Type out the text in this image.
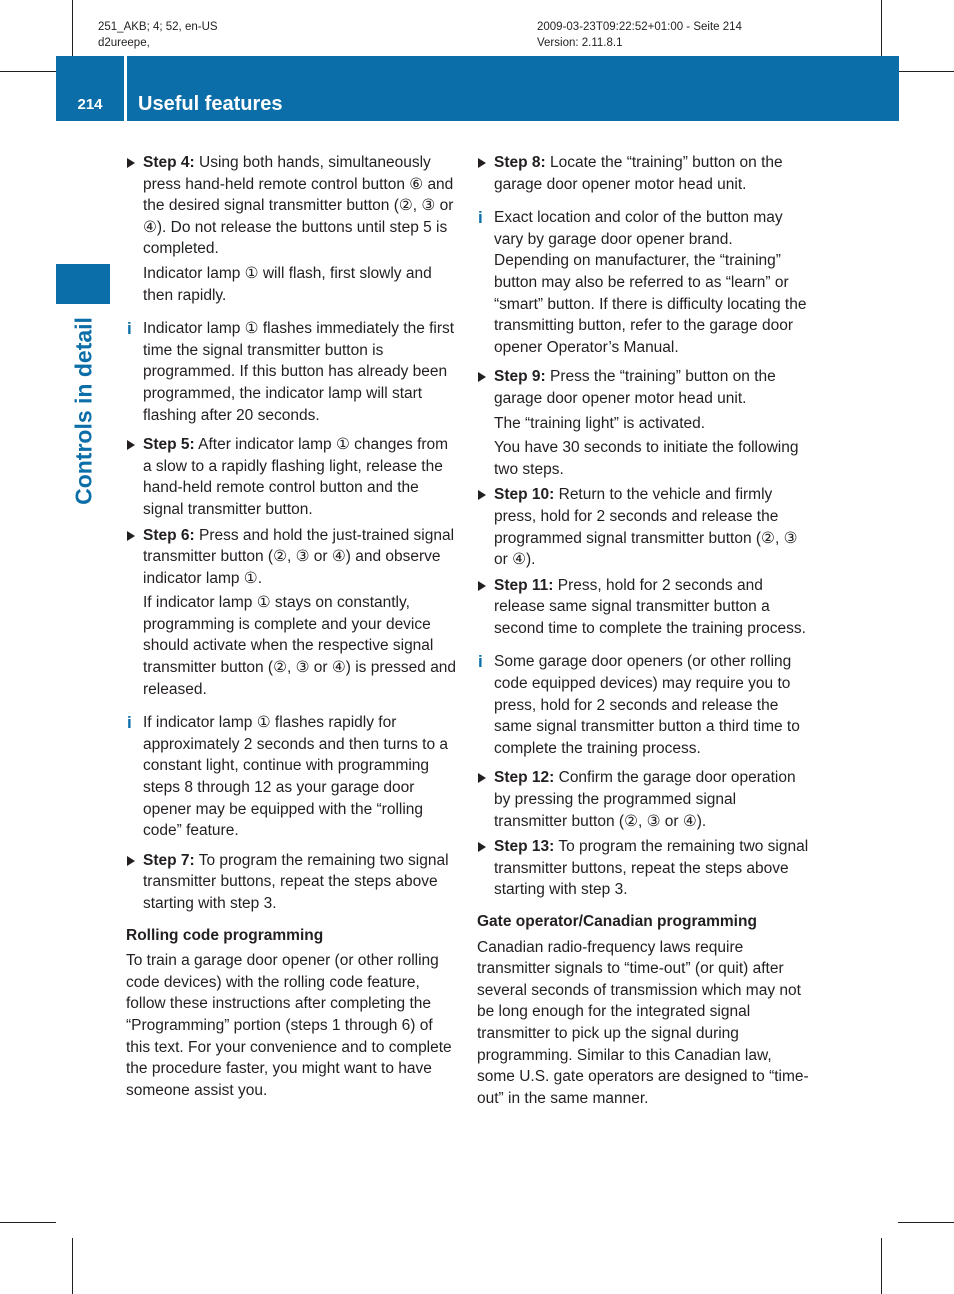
251_AKB; 4; 52, en-US
d2ureepe,
2009-03-23T09:22:52+01:00 - Seite 214
Version: 2.11.8.1
214	Useful features
Controls in detail

Step 4: Using both hands, simultaneously press hand-held remote control button ⑥ and the desired signal transmitter button (②, ③ or ④). Do not release the buttons until step 5 is completed.

Indicator lamp ① will flash, first slowly and then rapidly.

i Indicator lamp ① flashes immediately the first time the signal transmitter button is programmed. If this button has already been programmed, the indicator lamp will start flashing after 20 seconds.

Step 5: After indicator lamp ① changes from a slow to a rapidly flashing light, release the hand-held remote control button and the signal transmitter button.

Step 6: Press and hold the just-trained signal transmitter button (②, ③ or ④) and observe indicator lamp ①.

If indicator lamp ① stays on constantly, programming is complete and your device should activate when the respective signal transmitter button (②, ③ or ④) is pressed and released.

i If indicator lamp ① flashes rapidly for approximately 2 seconds and then turns to a constant light, continue with programming steps 8 through 12 as your garage door opener may be equipped with the “rolling code” feature.

Step 7: To program the remaining two signal transmitter buttons, repeat the steps above starting with step 3.

Rolling code programming

To train a garage door opener (or other rolling code devices) with the rolling code feature, follow these instructions after completing the “Programming” portion (steps 1 through 6) of this text. For your convenience and to complete the procedure faster, you might want to have someone assist you.

Step 8: Locate the “training” button on the garage door opener motor head unit.

i Exact location and color of the button may vary by garage door opener brand. Depending on manufacturer, the “training” button may also be referred to as “learn” or “smart” button. If there is difficulty locating the transmitting button, refer to the garage door opener Operator’s Manual.

Step 9: Press the “training” button on the garage door opener motor head unit.

The “training light” is activated.

You have 30 seconds to initiate the following two steps.

Step 10: Return to the vehicle and firmly press, hold for 2 seconds and release the programmed signal transmitter button (②, ③ or ④).

Step 11: Press, hold for 2 seconds and release same signal transmitter button a second time to complete the training process.

i Some garage door openers (or other rolling code equipped devices) may require you to press, hold for 2 seconds and release the same signal transmitter button a third time to complete the training process.

Step 12: Confirm the garage door operation by pressing the programmed signal transmitter button (②, ③ or ④).

Step 13: To program the remaining two signal transmitter buttons, repeat the steps above starting with step 3.

Gate operator/Canadian programming

Canadian radio-frequency laws require transmitter signals to “time-out” (or quit) after several seconds of transmission which may not be long enough for the integrated signal transmitter to pick up the signal during programming. Similar to this Canadian law, some U.S. gate operators are designed to “time-out” in the same manner.
